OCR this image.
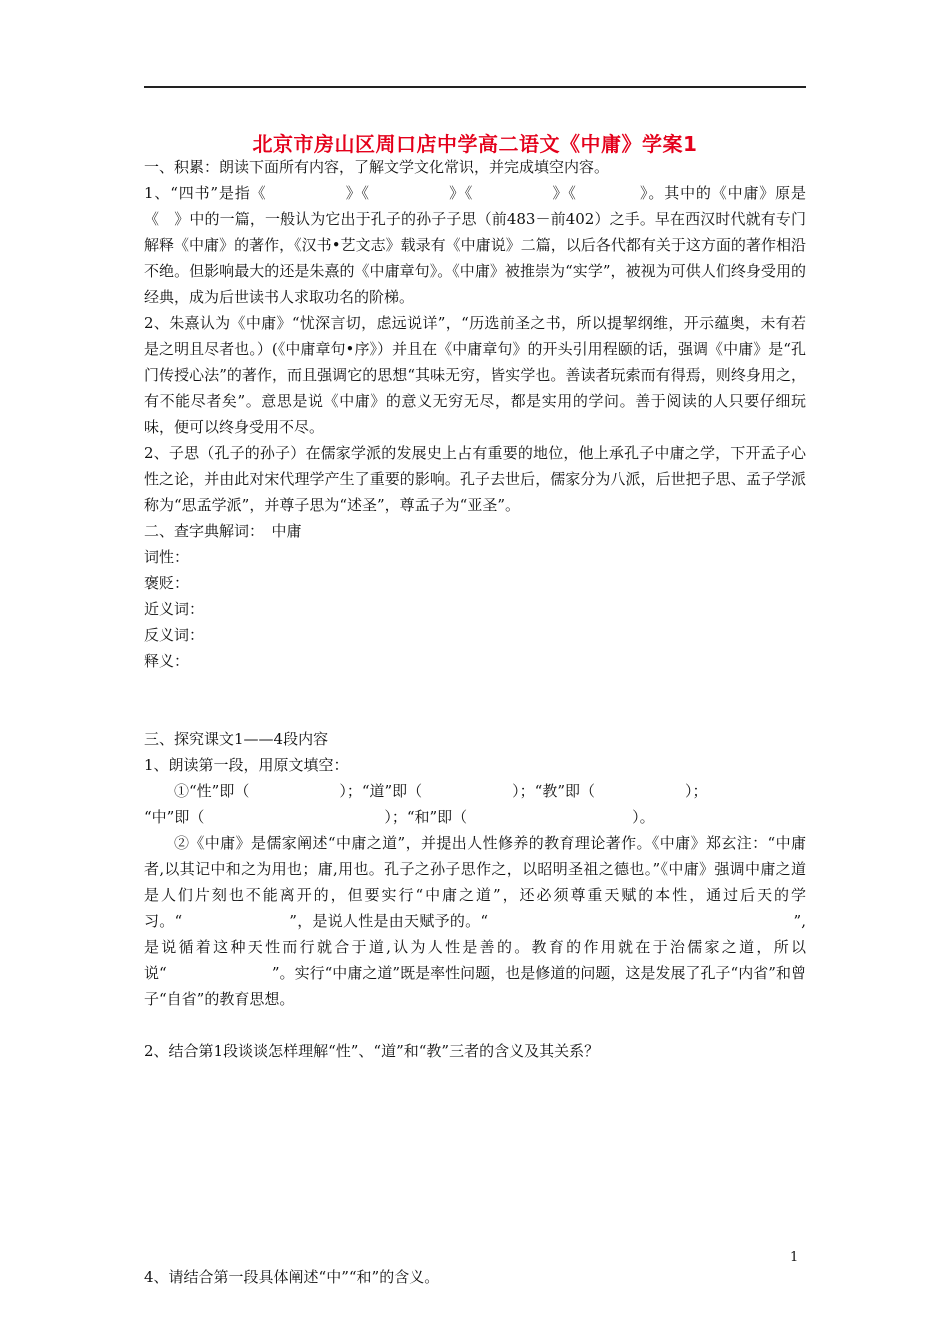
北京市房山区周口店中学高二语文《中庸》学案1

一、积累：朗读下面所有内容，了解文学文化常识，并完成填空内容。

1、“四书”是指《　　　　　》《　　　　　》《　　　　　》《　　　　》。其中的《中庸》原是《　》中的一篇，一般认为它出于孔子的孙子子思（前483－前402）之手。早在西汉时代就有专门解释《中庸》的著作，《汉书•艺文志》载录有《中庸说》二篇，以后各代都有关于这方面的著作相沿不绝。但影响最大的还是朱熹的《中庸章句》。《中庸》被推崇为“实学”，被视为可供人们终身受用的经典，成为后世读书人求取功名的阶梯。

2、朱熹认为《中庸》“忧深言切，虑远说详”，“历选前圣之书，所以提挈纲维，开示蕴奥，未有若是之明且尽者也。）(《中庸章句•序》）并且在《中庸章句》的开头引用程颐的话，强调《中庸》是“孔门传授心法”的著作，而且强调它的思想“其味无穷，皆实学也。善读者玩索而有得焉，则终身用之，有不能尽者矣”。意思是说《中庸》的意义无穷无尽，都是实用的学问。善于阅读的人只要仔细玩味，便可以终身受用不尽。

2、子思（孔子的孙子）在儒家学派的发展史上占有重要的地位，他上承孔子中庸之学，下开孟子心性之论，并由此对宋代理学产生了重要的影响。孔子去世后，儒家分为八派，后世把子思、孟子学派称为“思孟学派”，并尊子思为“述圣”，尊孟子为“亚圣”。

二、查字典解词：　中庸

词性：

褒贬：

近义词：

反义词：

释义：

三、探究课文1——4段内容

1、朗读第一段，用原文填空：

①“性”即（　　　　　　）；“道”即（　　　　　　）；“教”即（　　　　　　）；

“中”即（　　　　　　　　　　　　）；“和”即（　　　　　　　　　　　）。

②《中庸》是儒家阐述“中庸之道”，并提出人性修养的教育理论著作。《中庸》郑玄注：“中庸者,以其记中和之为用也；庸,用也。孔子之孙子思作之，以昭明圣祖之德也。”《中庸》强调中庸之道是人们片刻也不能离开的，但要实行“中庸之道”，还必须尊重天赋的本性，通过后天的学习。“　　　　　　　”，是说人性是由天赋予的。“　　　　　　　　　　　　　　　　　　　　”,是说循着这种天性而行就合于道,认为人性是善的。教育的作用就在于治儒家之道，所以说“　　　　　　　”。实行“中庸之道”既是率性问题，也是修道的问题，这是发展了孔子“内省”和曾子“自省”的教育思想。

2、结合第1段谈谈怎样理解“性”、“道”和“教”三者的含义及其关系？

4、请结合第一段具体阐述“中”“和”的含义。

1
